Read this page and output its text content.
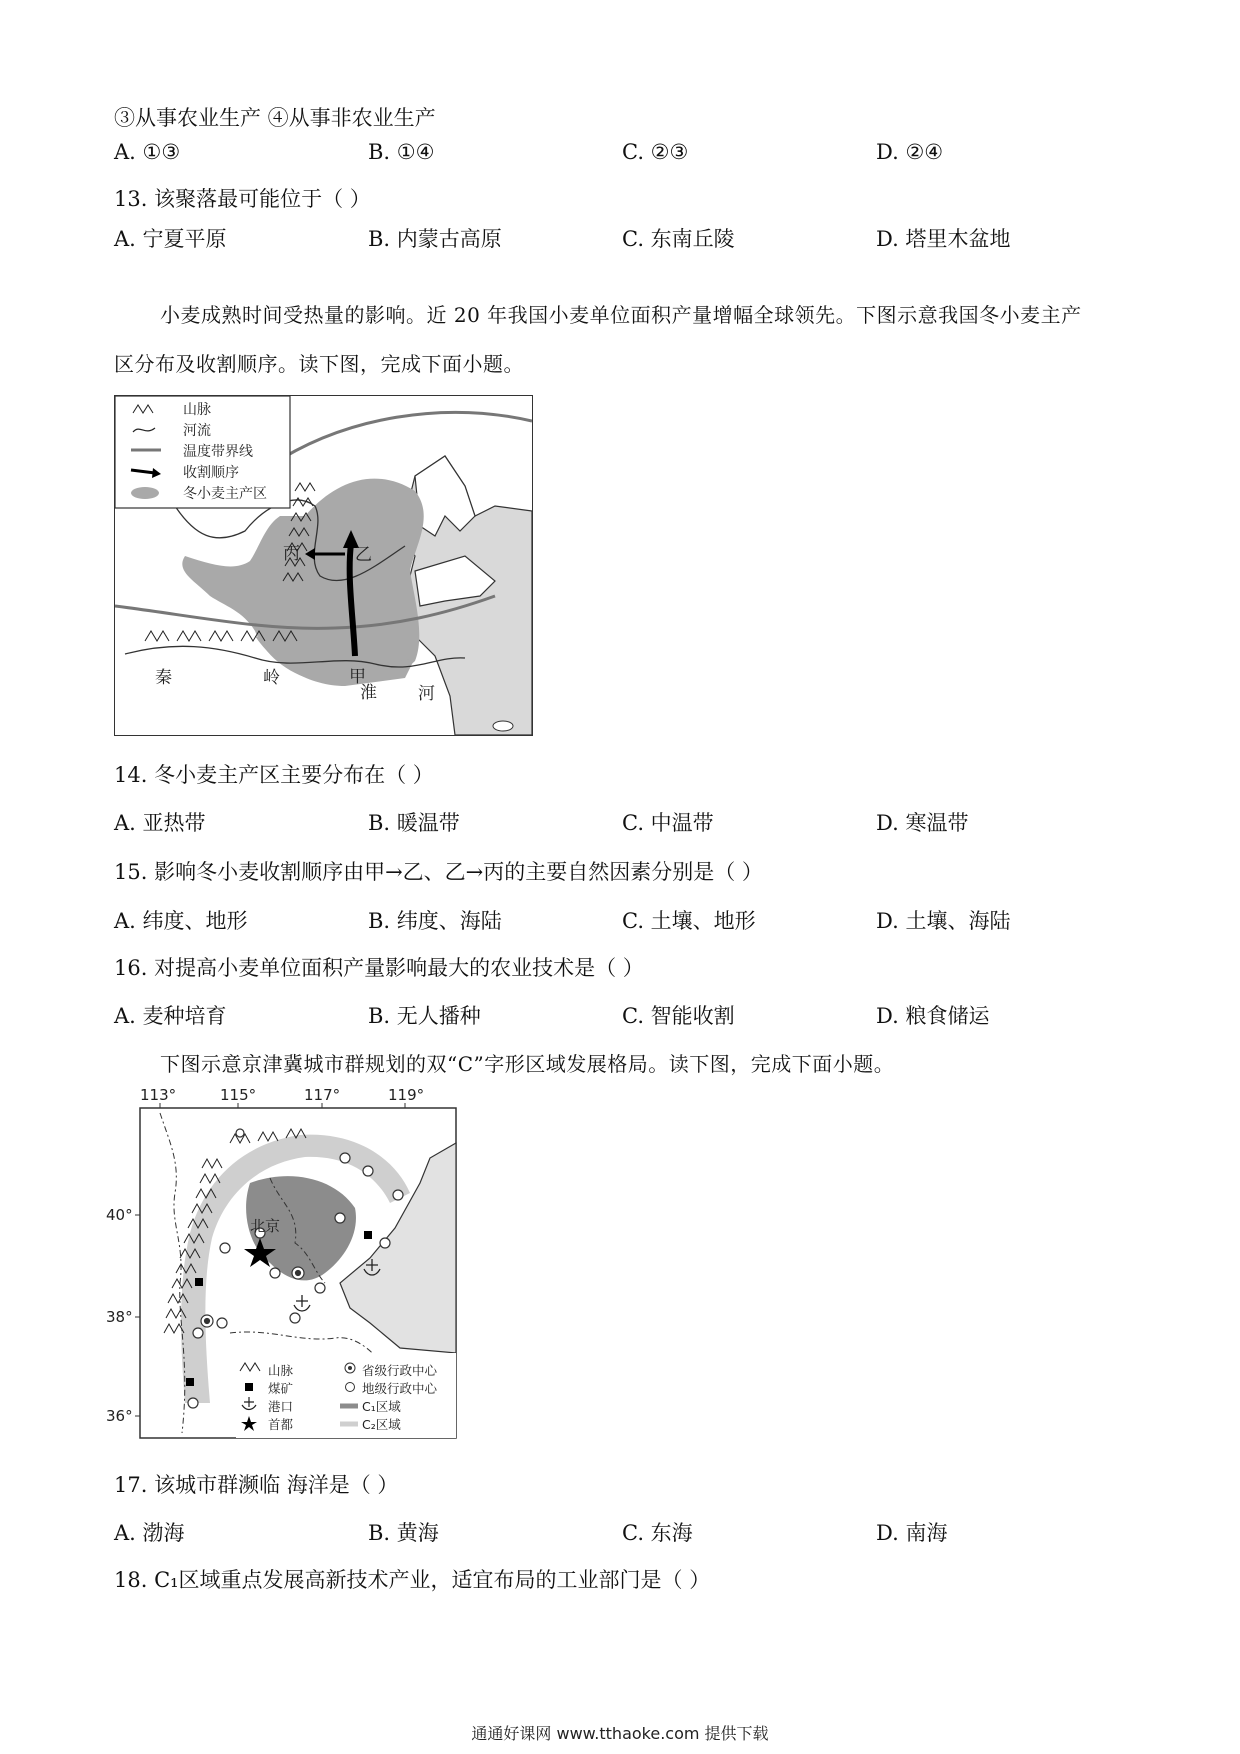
③从事农业生产 ④从事非农业生产
A. ①③	B. ①④	C. ②③	D. ②④
13. 该聚落最可能位于（ ）
A. 宁夏平原	B. 内蒙古高原	C. 东南丘陵	D. 塔里木盆地
小麦成熟时间受热量的影响。近 20 年我国小麦单位面积产量增幅全球领先。下图示意我国冬小麦主产
区分布及收割顺序。读下图，完成下面小题。
丙	乙
甲
秦	岭
淮 河
山脉
河流
温度带界线
收割顺序
冬小麦主产区
14. 冬小麦主产区主要分布在（ ）
A. 亚热带	B. 暖温带	C. 中温带	D. 寒温带
15. 影响冬小麦收割顺序由甲→乙、乙→丙的主要自然因素分别是（ ）
A. 纬度、地形	B. 纬度、海陆	C. 土壤、地形	D. 土壤、海陆
16. 对提高小麦单位面积产量影响最大的农业技术是（ ）
A. 麦种培育	B. 无人播种	C. 智能收割	D. 粮食储运
下图示意京津冀城市群规划的双“C”字形区域发展格局。读下图，完成下面小题。
113°	115°	117°	119°
40°
38°
36°
北京
山脉	省级行政中心
煤矿	地级行政中心
港口	C₁区域
首都	C₂区域
17. 该城市群濒临 海洋是（ ）
A. 渤海	B. 黄海	C. 东海	D. 南海
18. C₁区域重点发展高新技术产业，适宜布局的工业部门是（ ）
通通好课网 www.tthaoke.com 提供下载
